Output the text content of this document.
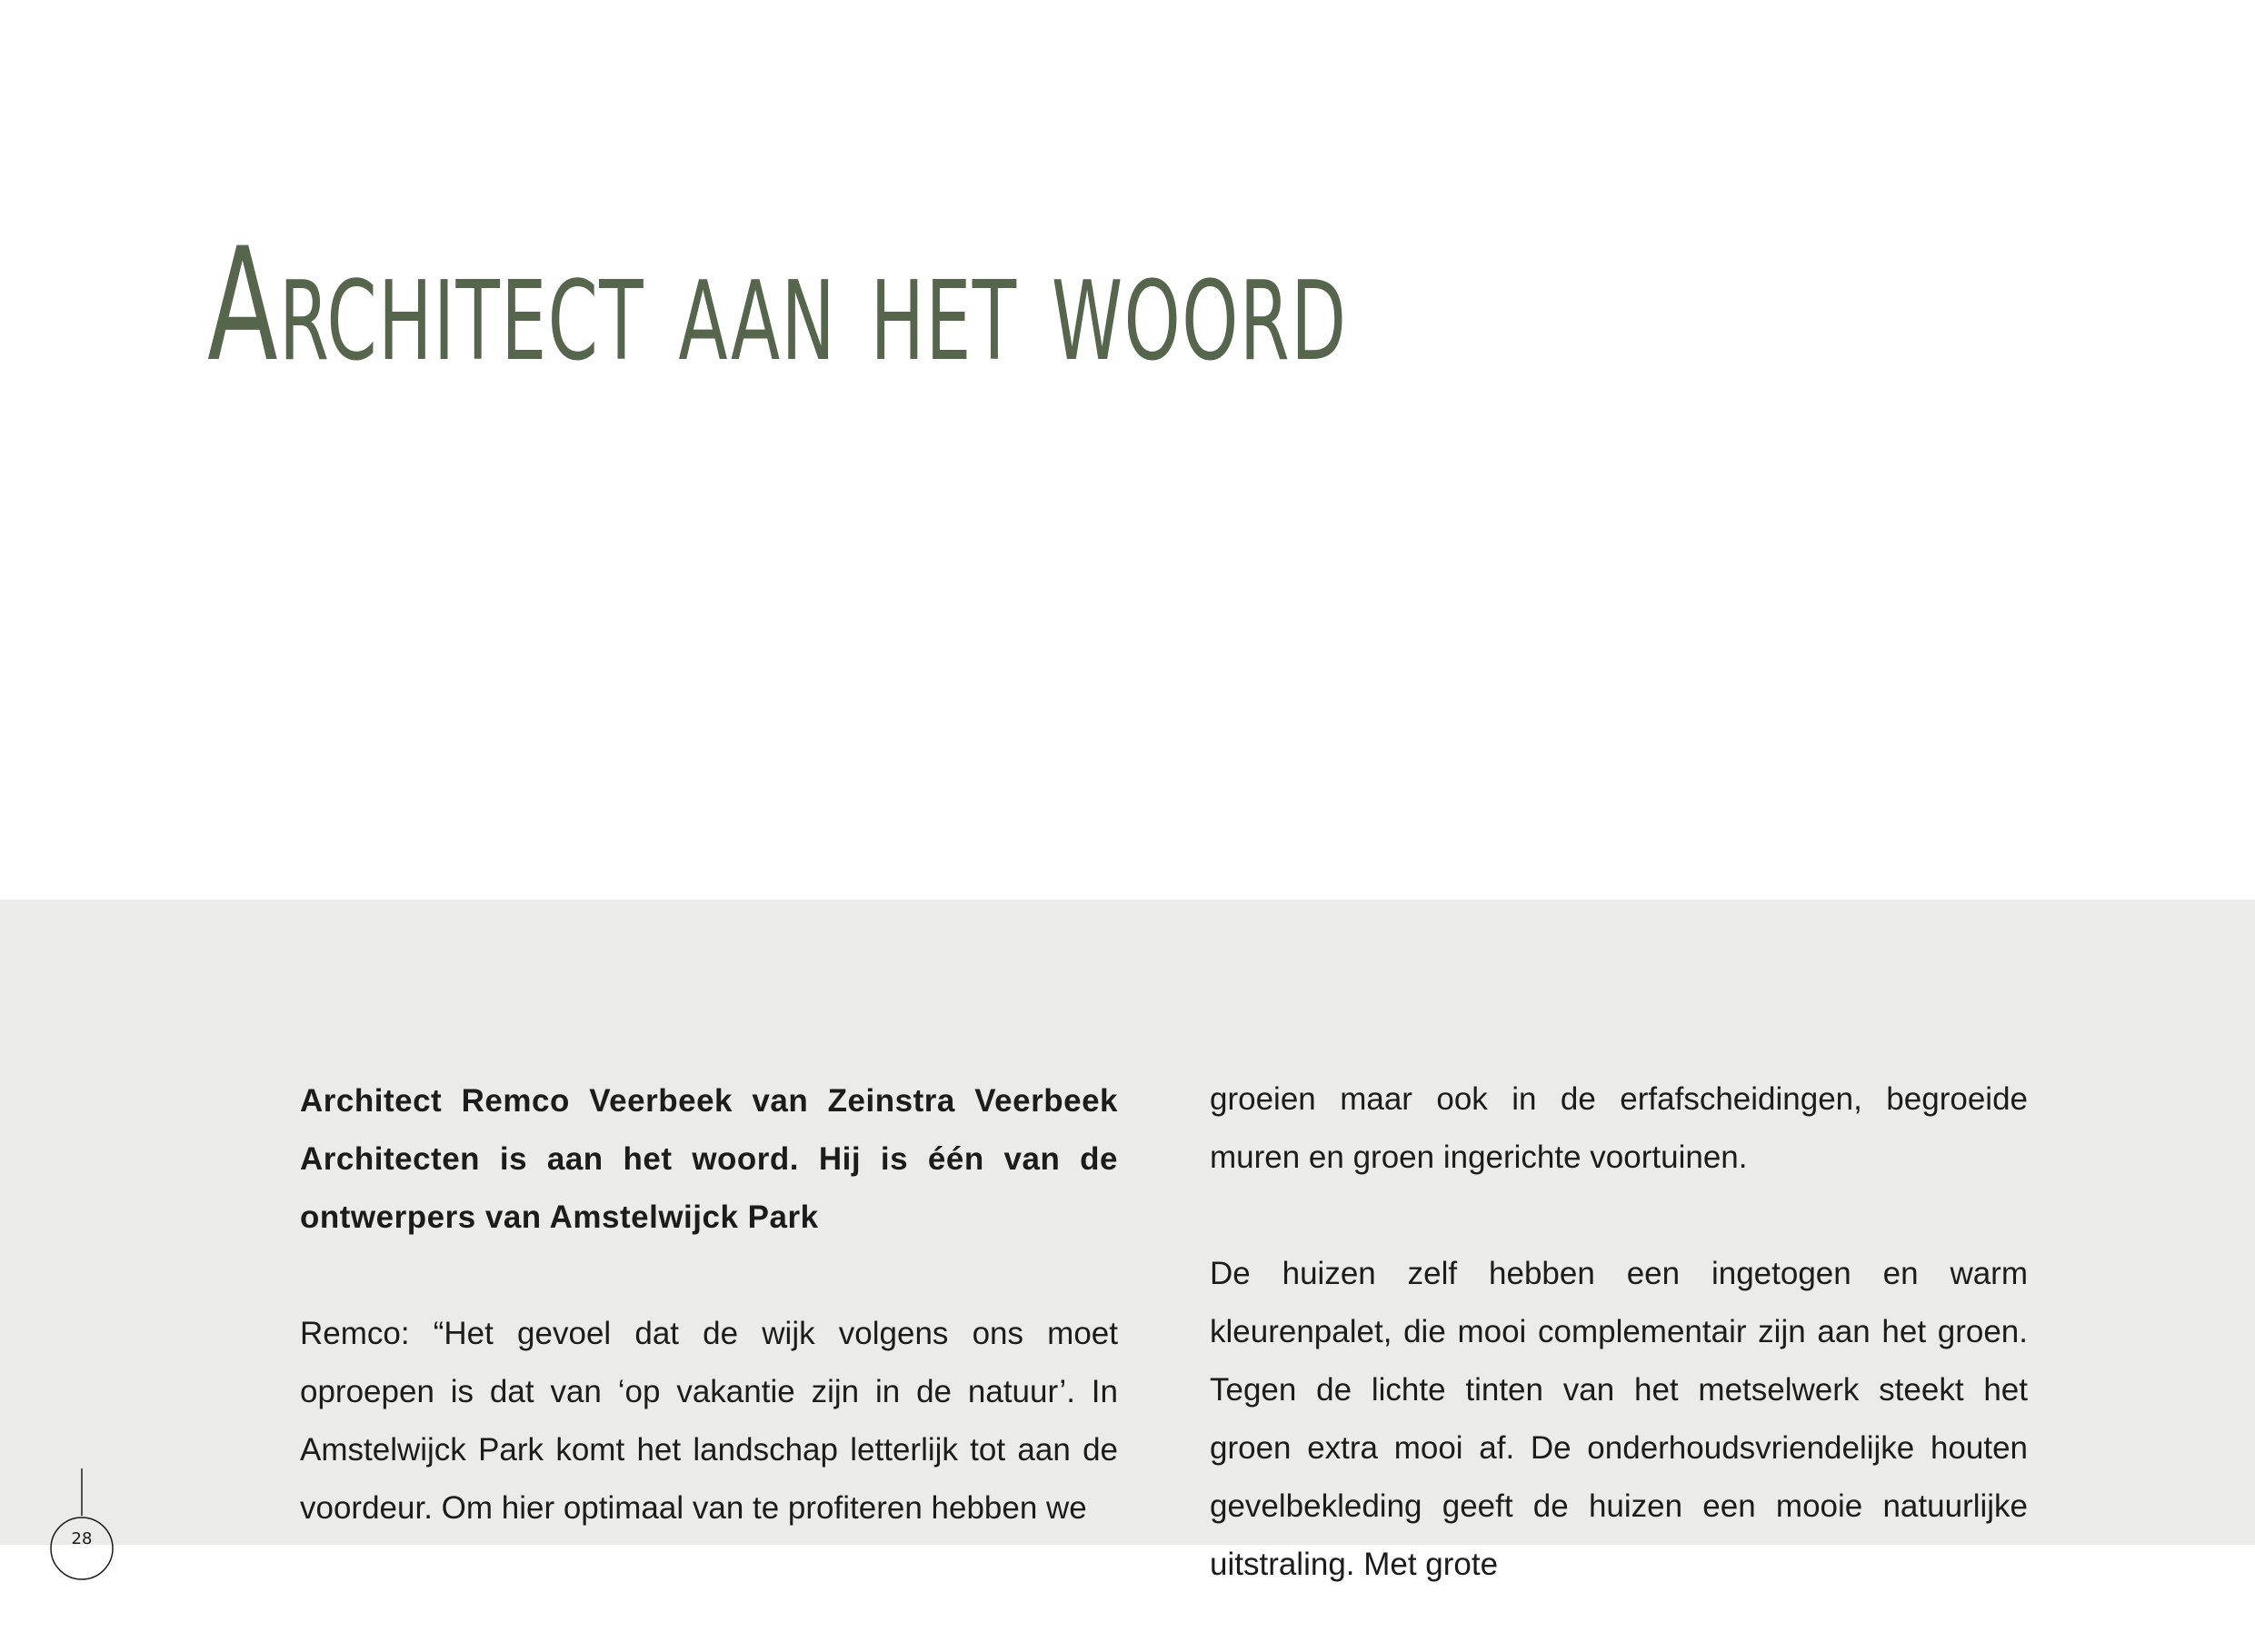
Architect aan het woord

Architect Remco Veerbeek van Zeinstra Veerbeek Architecten is aan het woord. Hij is één van de ontwerpers van Amstelwijck Park

Remco: “Het gevoel dat de wijk volgens ons moet oproepen is dat van ‘op vakantie zijn in de natuur’. In Amstelwijck Park komt het landschap letterlijk tot aan de voordeur. Om hier optimaal van te profiteren hebben we

groeien maar ook in de erfafscheidingen, begroeide muren en groen ingerichte voortuinen.

De huizen zelf hebben een ingetogen en warm kleurenpalet, die mooi complementair zijn aan het groen. Tegen de lichte tinten van het metselwerk steekt het groen extra mooi af. De onderhoudsvriendelijke houten gevelbekleding geeft de huizen een mooie natuurlijke uitstraling. Met grote

28
